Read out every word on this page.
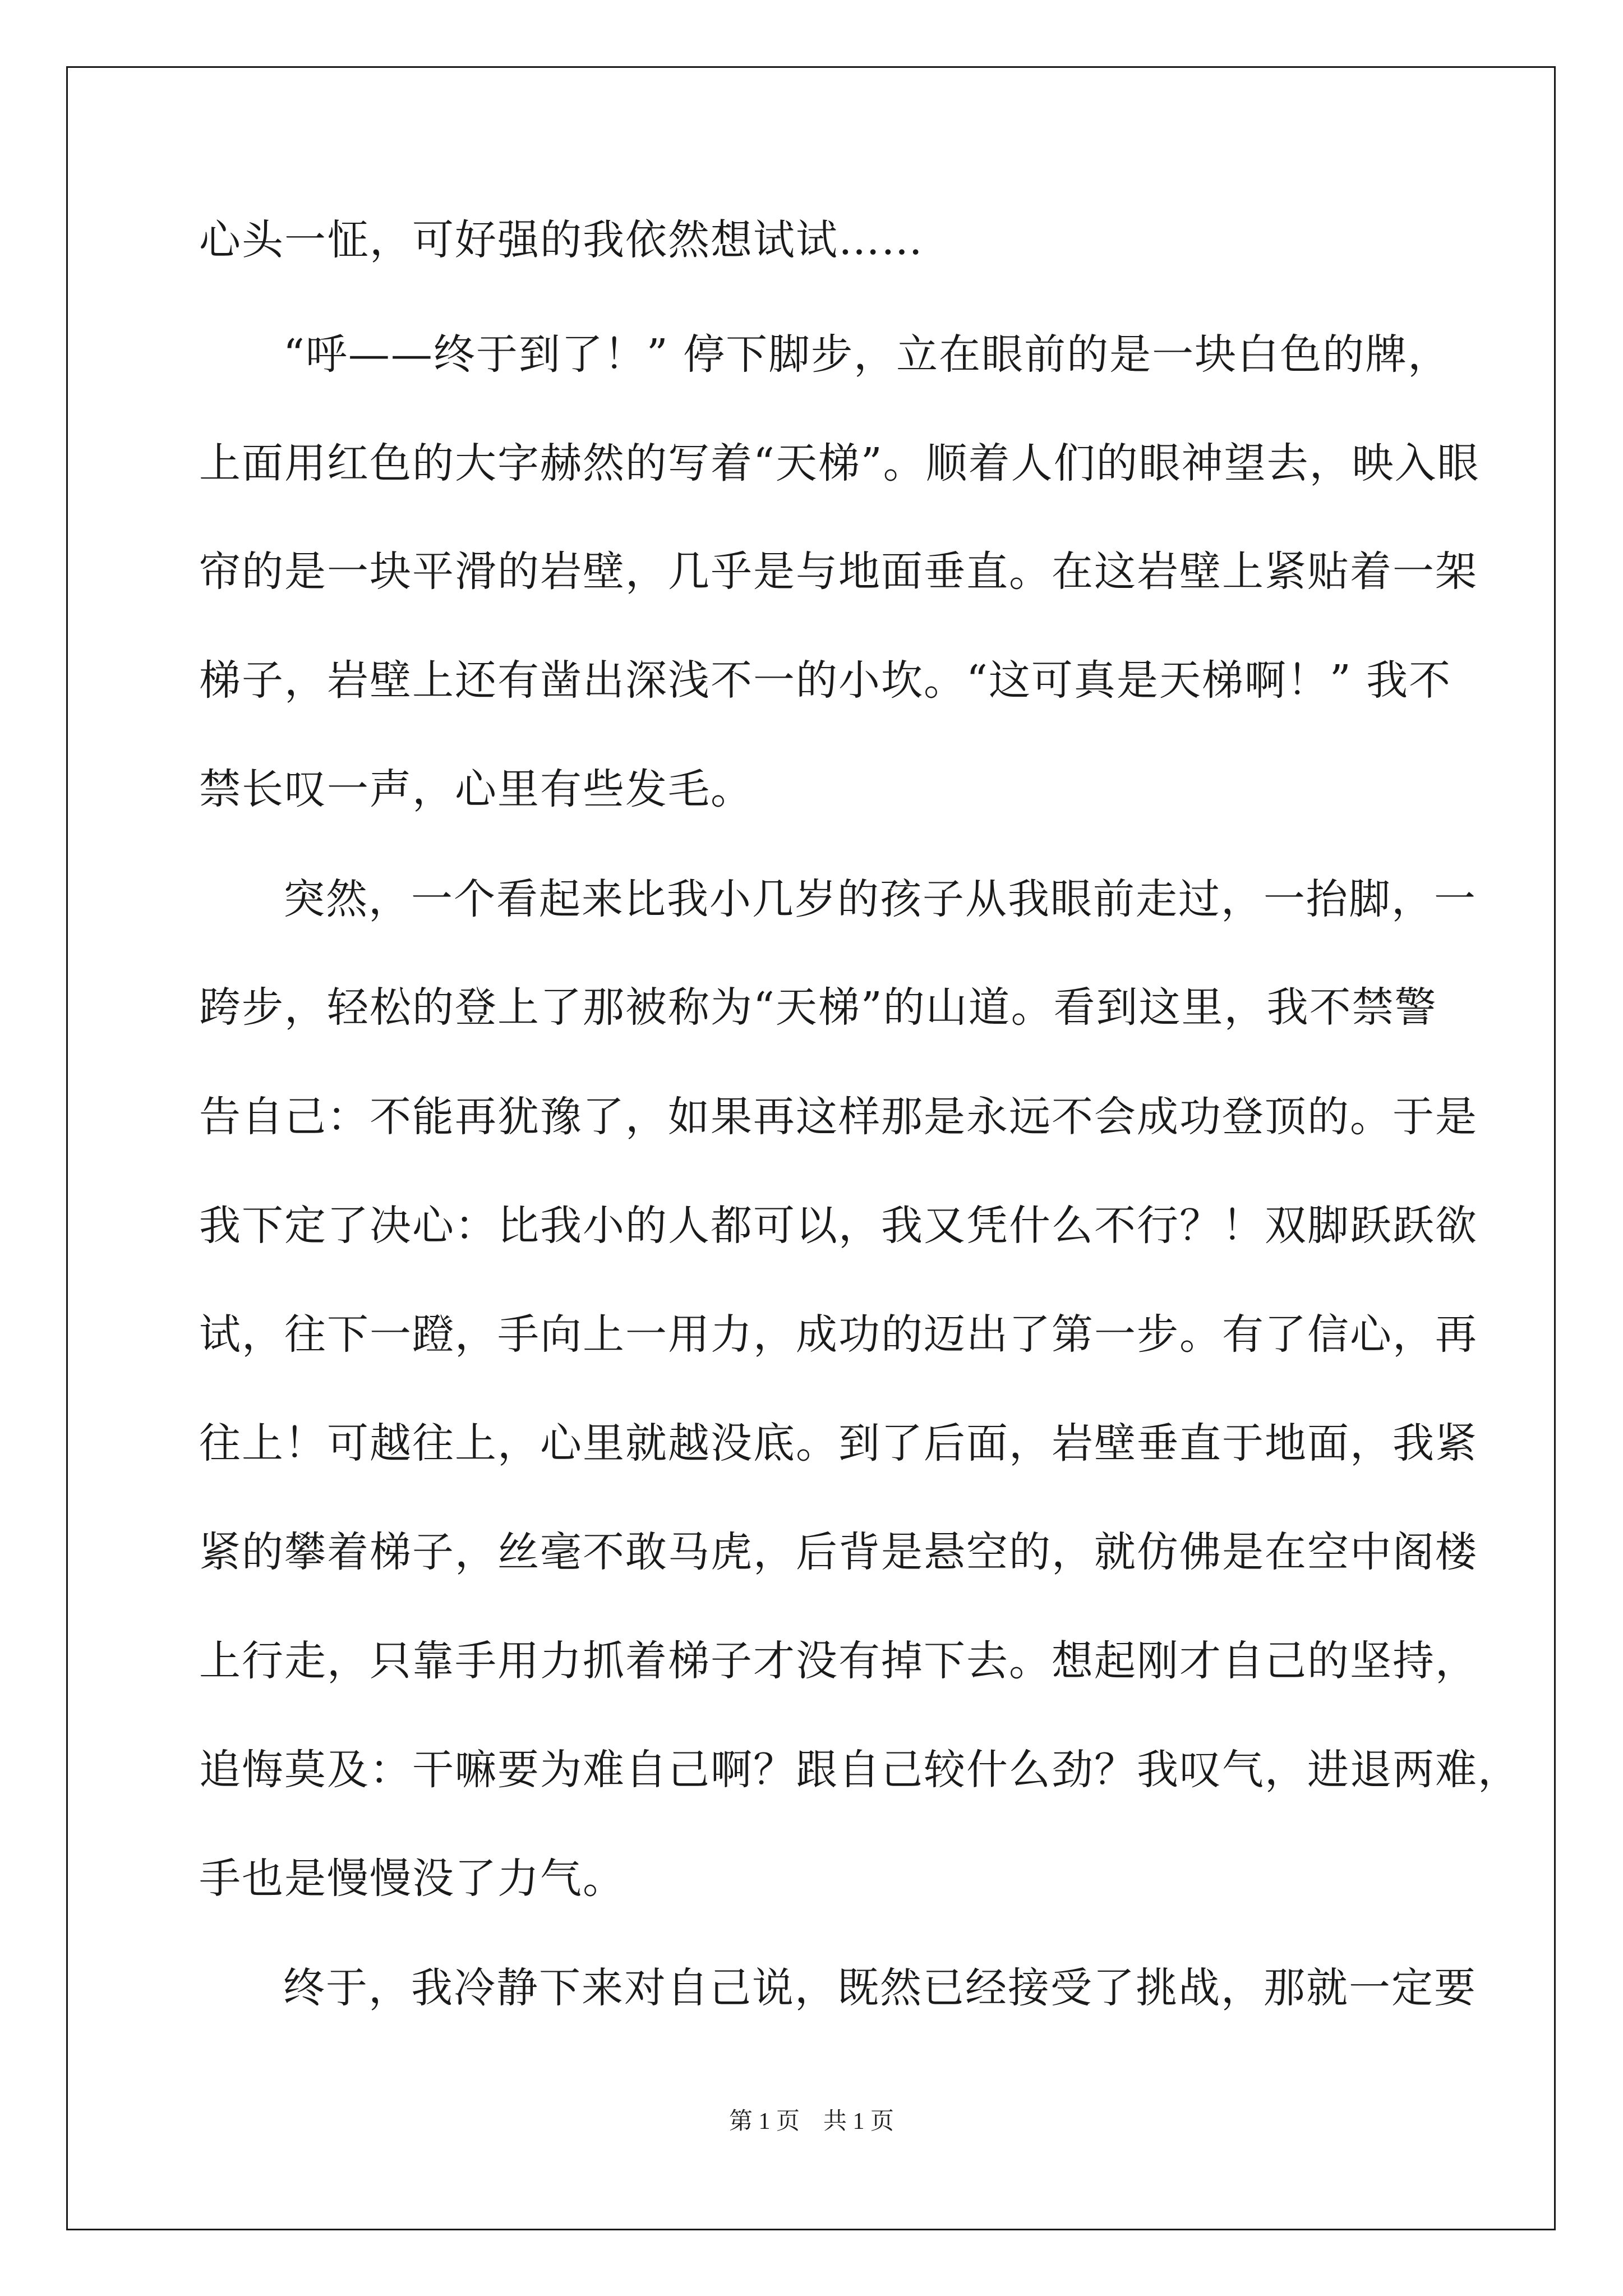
心头一怔，可好强的我依然想试试……
“呼——终于到了！” 停下脚步，立在眼前的是一块白色的牌，
上面用红色的大字赫然的写着“天梯”。顺着人们的眼神望去，映入眼
帘的是一块平滑的岩壁，几乎是与地面垂直。在这岩壁上紧贴着一架
梯子，岩壁上还有凿出深浅不一的小坎。“这可真是天梯啊！” 我不
禁长叹一声，心里有些发毛。
突然，一个看起来比我小几岁的孩子从我眼前走过，一抬脚，一
跨步，轻松的登上了那被称为“天梯”的山道。看到这里，我不禁警
告自己：不能再犹豫了，如果再这样那是永远不会成功登顶的。于是
我下定了决心：比我小的人都可以，我又凭什么不行？！双脚跃跃欲
试，往下一蹬，手向上一用力，成功的迈出了第一步。有了信心，再
往上！可越往上，心里就越没底。到了后面，岩壁垂直于地面，我紧
紧的攀着梯子，丝毫不敢马虎，后背是悬空的，就仿佛是在空中阁楼
上行走，只靠手用力抓着梯子才没有掉下去。想起刚才自己的坚持，
追悔莫及：干嘛要为难自己啊？跟自己较什么劲？我叹气，进退两难，
手也是慢慢没了力气。
终于，我冷静下来对自己说，既然已经接受了挑战，那就一定要
第 1 页 共 1 页
